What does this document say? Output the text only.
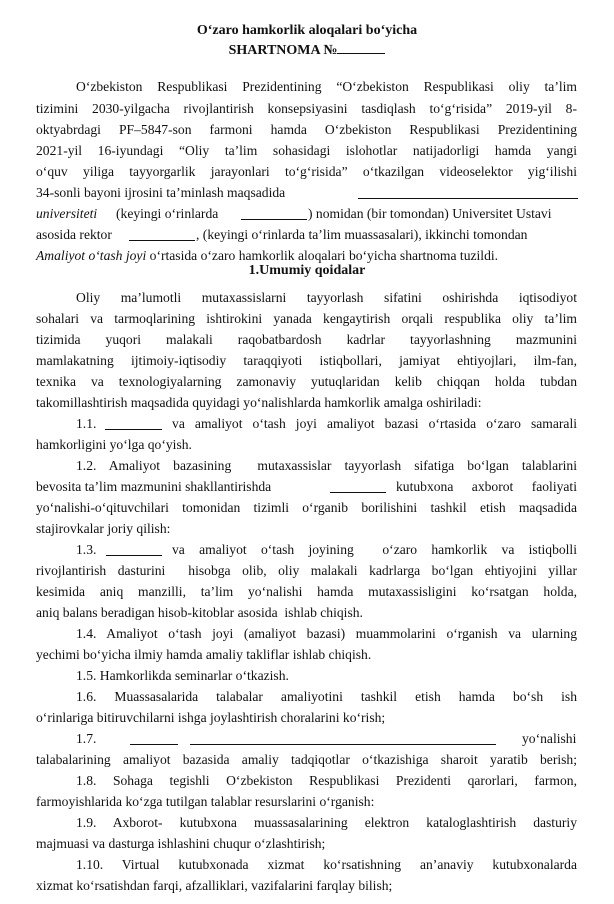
O‘zaro hamkorlik aloqalari bo‘yicha
SHARTNOMA №
O‘zbekiston Respublikasi Prezidentining “O‘zbekiston Respublikasi oliy ta’lim
tizimini 2030-yilgacha rivojlantirish konsepsiyasini tasdiqlash to‘g‘risida” 2019-yil 8-
oktyabrdagi PF–5847-son farmoni hamda O‘zbekiston Respublikasi Prezidentining
2021-yil 16-iyundagi “Oliy ta’lim sohasidagi islohotlar natijadorligi hamda yangi
o‘quv yiliga tayyorgarlik jarayonlari to‘g‘risida” o‘tkazilgan videoselektor yig‘ilishi
34-sonli bayoni ijrosini ta’minlash maqsadida
universiteti (keyingi o‘rinlarda	) nomidan (bir tomondan) Universitet Ustavi
asosida rektor	, (keyingi o‘rinlarda ta’lim muassasalari), ikkinchi tomondan
Amaliyot o‘tash joyi o‘rtasida o‘zaro hamkorlik aloqalari bo‘yicha shartnoma tuzildi.
1.Umumiy qoidalar
Oliy ma’lumotli mutaxassislarni tayyorlash sifatini oshirishda iqtisodiyot
sohalari va tarmoqlarining ishtirokini yanada kengaytirish orqali respublika oliy ta’lim
tizimida yuqori malakali raqobatbardosh kadrlar tayyorlashning mazmunini
mamlakatning ijtimoiy-iqtisodiy taraqqiyoti istiqbollari, jamiyat ehtiyojlari, ilm-fan,
texnika va texnologiyalarning zamonaviy yutuqlaridan kelib chiqqan holda tubdan
takomillashtirish maqsadida quyidagi yo‘nalishlarda hamkorlik amalga oshiriladi:
1.1.	va amaliyot o‘tash joyi amaliyot bazasi o‘rtasida o‘zaro samarali
hamkorligini yo‘lga qo‘yish.
1.2. Amaliyot bazasining  mutaxassislar tayyorlash sifatiga bo‘lgan talablarini
bevosita ta’lim mazmunini shakllantirishda	kutubxona axborot faoliyati
yo‘nalishi-o‘qituvchilari tomonidan tizimli o‘rganib borilishini tashkil etish maqsadida
stajirovkalar joriy qilish:
1.3.	va amaliyot o‘tash joyining  o‘zaro hamkorlik va istiqbolli
rivojlantirish dasturini  hisobga olib, oliy malakali kadrlarga bo‘lgan ehtiyojini yillar
kesimida aniq manzilli, ta’lim yo‘nalishi hamda mutaxassisligini ko‘rsatgan holda,
aniq balans beradigan hisob-kitoblar asosida  ishlab chiqish.
1.4. Amaliyot o‘tash joyi (amaliyot bazasi) muammolarini o‘rganish va ularning
yechimi bo‘yicha ilmiy hamda amaliy takliflar ishlab chiqish.
1.5. Hamkorlikda seminarlar o‘tkazish.
1.6. Muassasalarida talabalar amaliyotini tashkil etish hamda bo‘sh ish
o‘rinlariga bitiruvchilarni ishga joylashtirish choralarini ko‘rish;
1.7.	yo‘nalishi
talabalarining amaliyot bazasida amaliy tadqiqotlar o‘tkazishiga sharoit yaratib berish;
1.8. Sohaga tegishli O‘zbekiston Respublikasi Prezidenti qarorlari, farmon,
farmoyishlarida ko‘zga tutilgan talablar resurslarini o‘rganish:
1.9. Axborot- kutubxona muassasalarining elektron kataloglashtirish dasturiy
majmuasi va dasturga ishlashini chuqur o‘zlashtirish;
1.10. Virtual kutubxonada xizmat ko‘rsatishning an’anaviy kutubxonalarda
xizmat ko‘rsatishdan farqi, afzalliklari, vazifalarini farqlay bilish;
